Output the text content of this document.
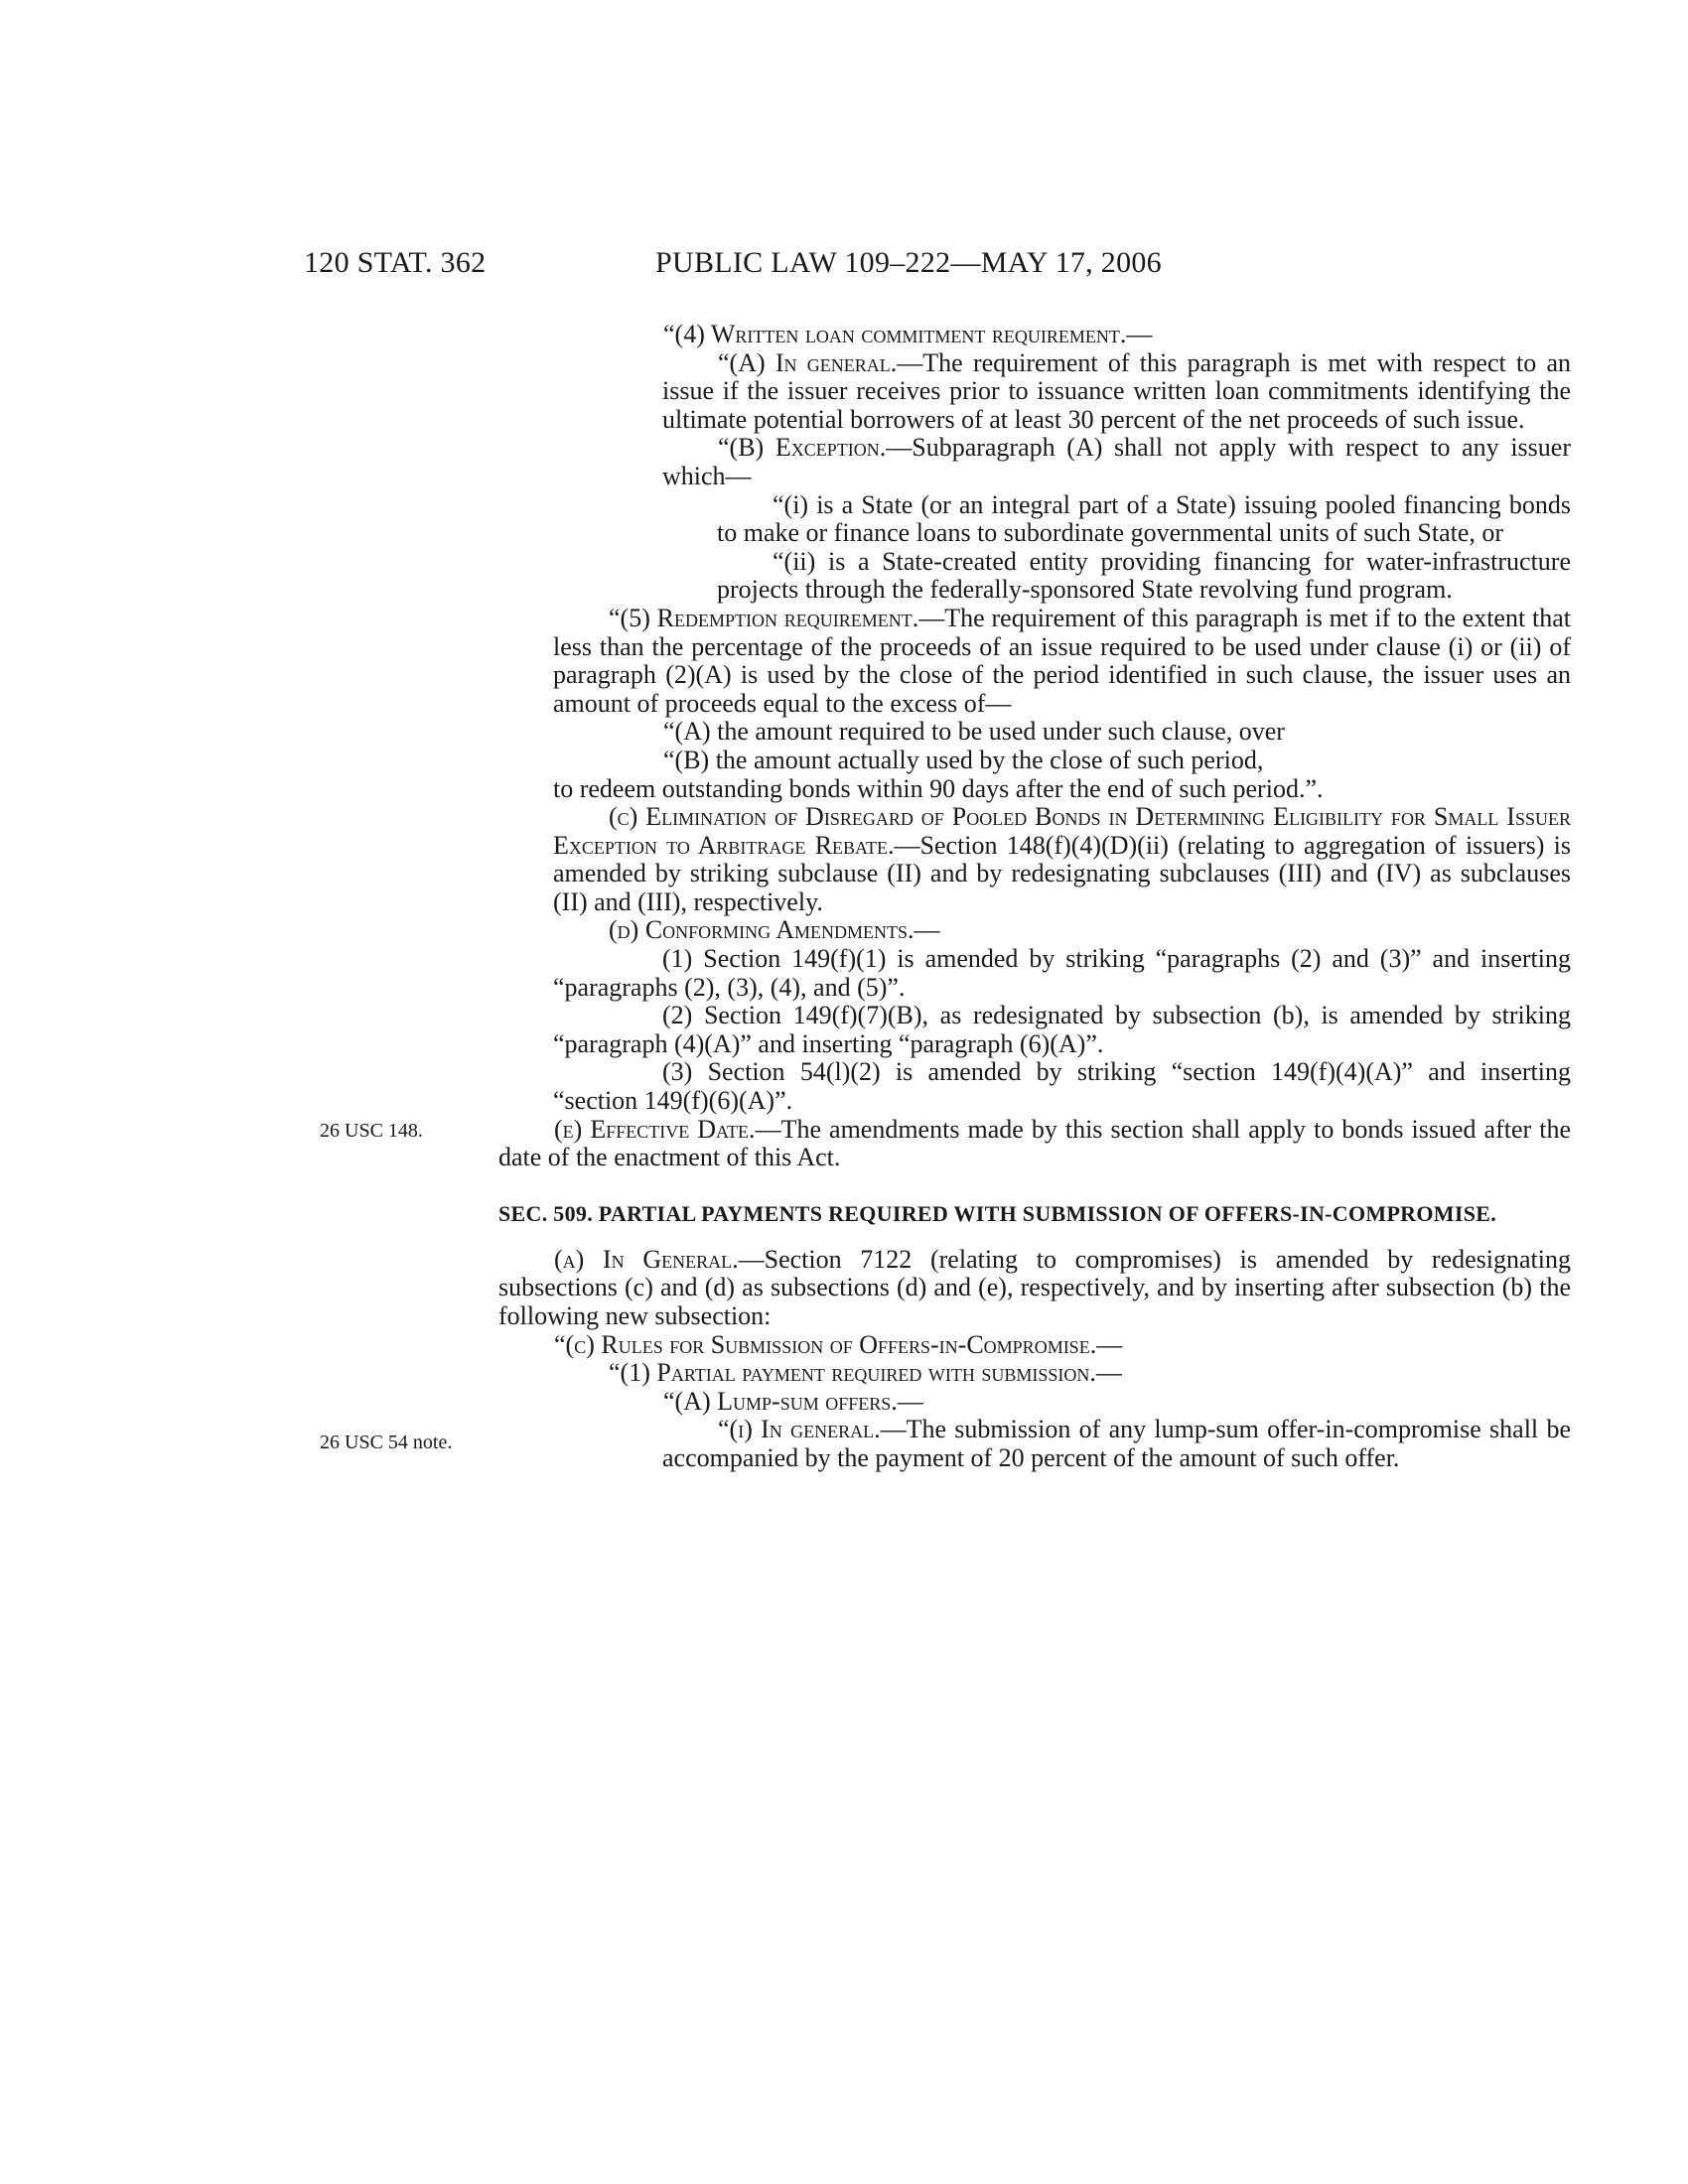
120 STAT. 362	PUBLIC LAW 109–222—MAY 17, 2006
26 USC 148.
26 USC 54 note.

“(4) Written loan commitment requirement.—

“(A) In general.—The requirement of this paragraph is met with respect to an issue if the issuer receives prior to issuance written loan commitments identifying the ultimate potential borrowers of at least 30 percent of the net proceeds of such issue.

“(B) Exception.—Subparagraph (A) shall not apply with respect to any issuer which—

“(i) is a State (or an integral part of a State) issuing pooled financing bonds to make or finance loans to subordinate governmental units of such State, or

“(ii) is a State-created entity providing financing for water-infrastructure projects through the federally-sponsored State revolving fund program.

“(5) Redemption requirement.—The requirement of this paragraph is met if to the extent that less than the percentage of the proceeds of an issue required to be used under clause (i) or (ii) of paragraph (2)(A) is used by the close of the period identified in such clause, the issuer uses an amount of proceeds equal to the excess of—

“(A) the amount required to be used under such clause, over

“(B) the amount actually used by the close of such period,

to redeem outstanding bonds within 90 days after the end of such period.”.

(c) Elimination of Disregard of Pooled Bonds in Determining Eligibility for Small Issuer Exception to Arbitrage Rebate.—Section 148(f)(4)(D)(ii) (relating to aggregation of issuers) is amended by striking subclause (II) and by redesignating subclauses (III) and (IV) as subclauses (II) and (III), respectively.

(d) Conforming Amendments.—

(1) Section 149(f)(1) is amended by striking “paragraphs (2) and (3)” and inserting “paragraphs (2), (3), (4), and (5)”.

(2) Section 149(f)(7)(B), as redesignated by subsection (b), is amended by striking “paragraph (4)(A)” and inserting “paragraph (6)(A)”.

(3) Section 54(l)(2) is amended by striking “section 149(f)(4)(A)” and inserting “section 149(f)(6)(A)”.

(e) Effective Date.—The amendments made by this section shall apply to bonds issued after the date of the enactment of this Act.

SEC. 509. PARTIAL PAYMENTS REQUIRED WITH SUBMISSION OF OFFERS-IN-COMPROMISE.

(a) In General.—Section 7122 (relating to compromises) is amended by redesignating subsections (c) and (d) as subsections (d) and (e), respectively, and by inserting after subsection (b) the following new subsection:

“(c) Rules for Submission of Offers-in-Compromise.—

“(1) Partial payment required with submission.—

“(A) Lump-sum offers.—

“(i) In general.—The submission of any lump-sum offer-in-compromise shall be accompanied by the payment of 20 percent of the amount of such offer.
